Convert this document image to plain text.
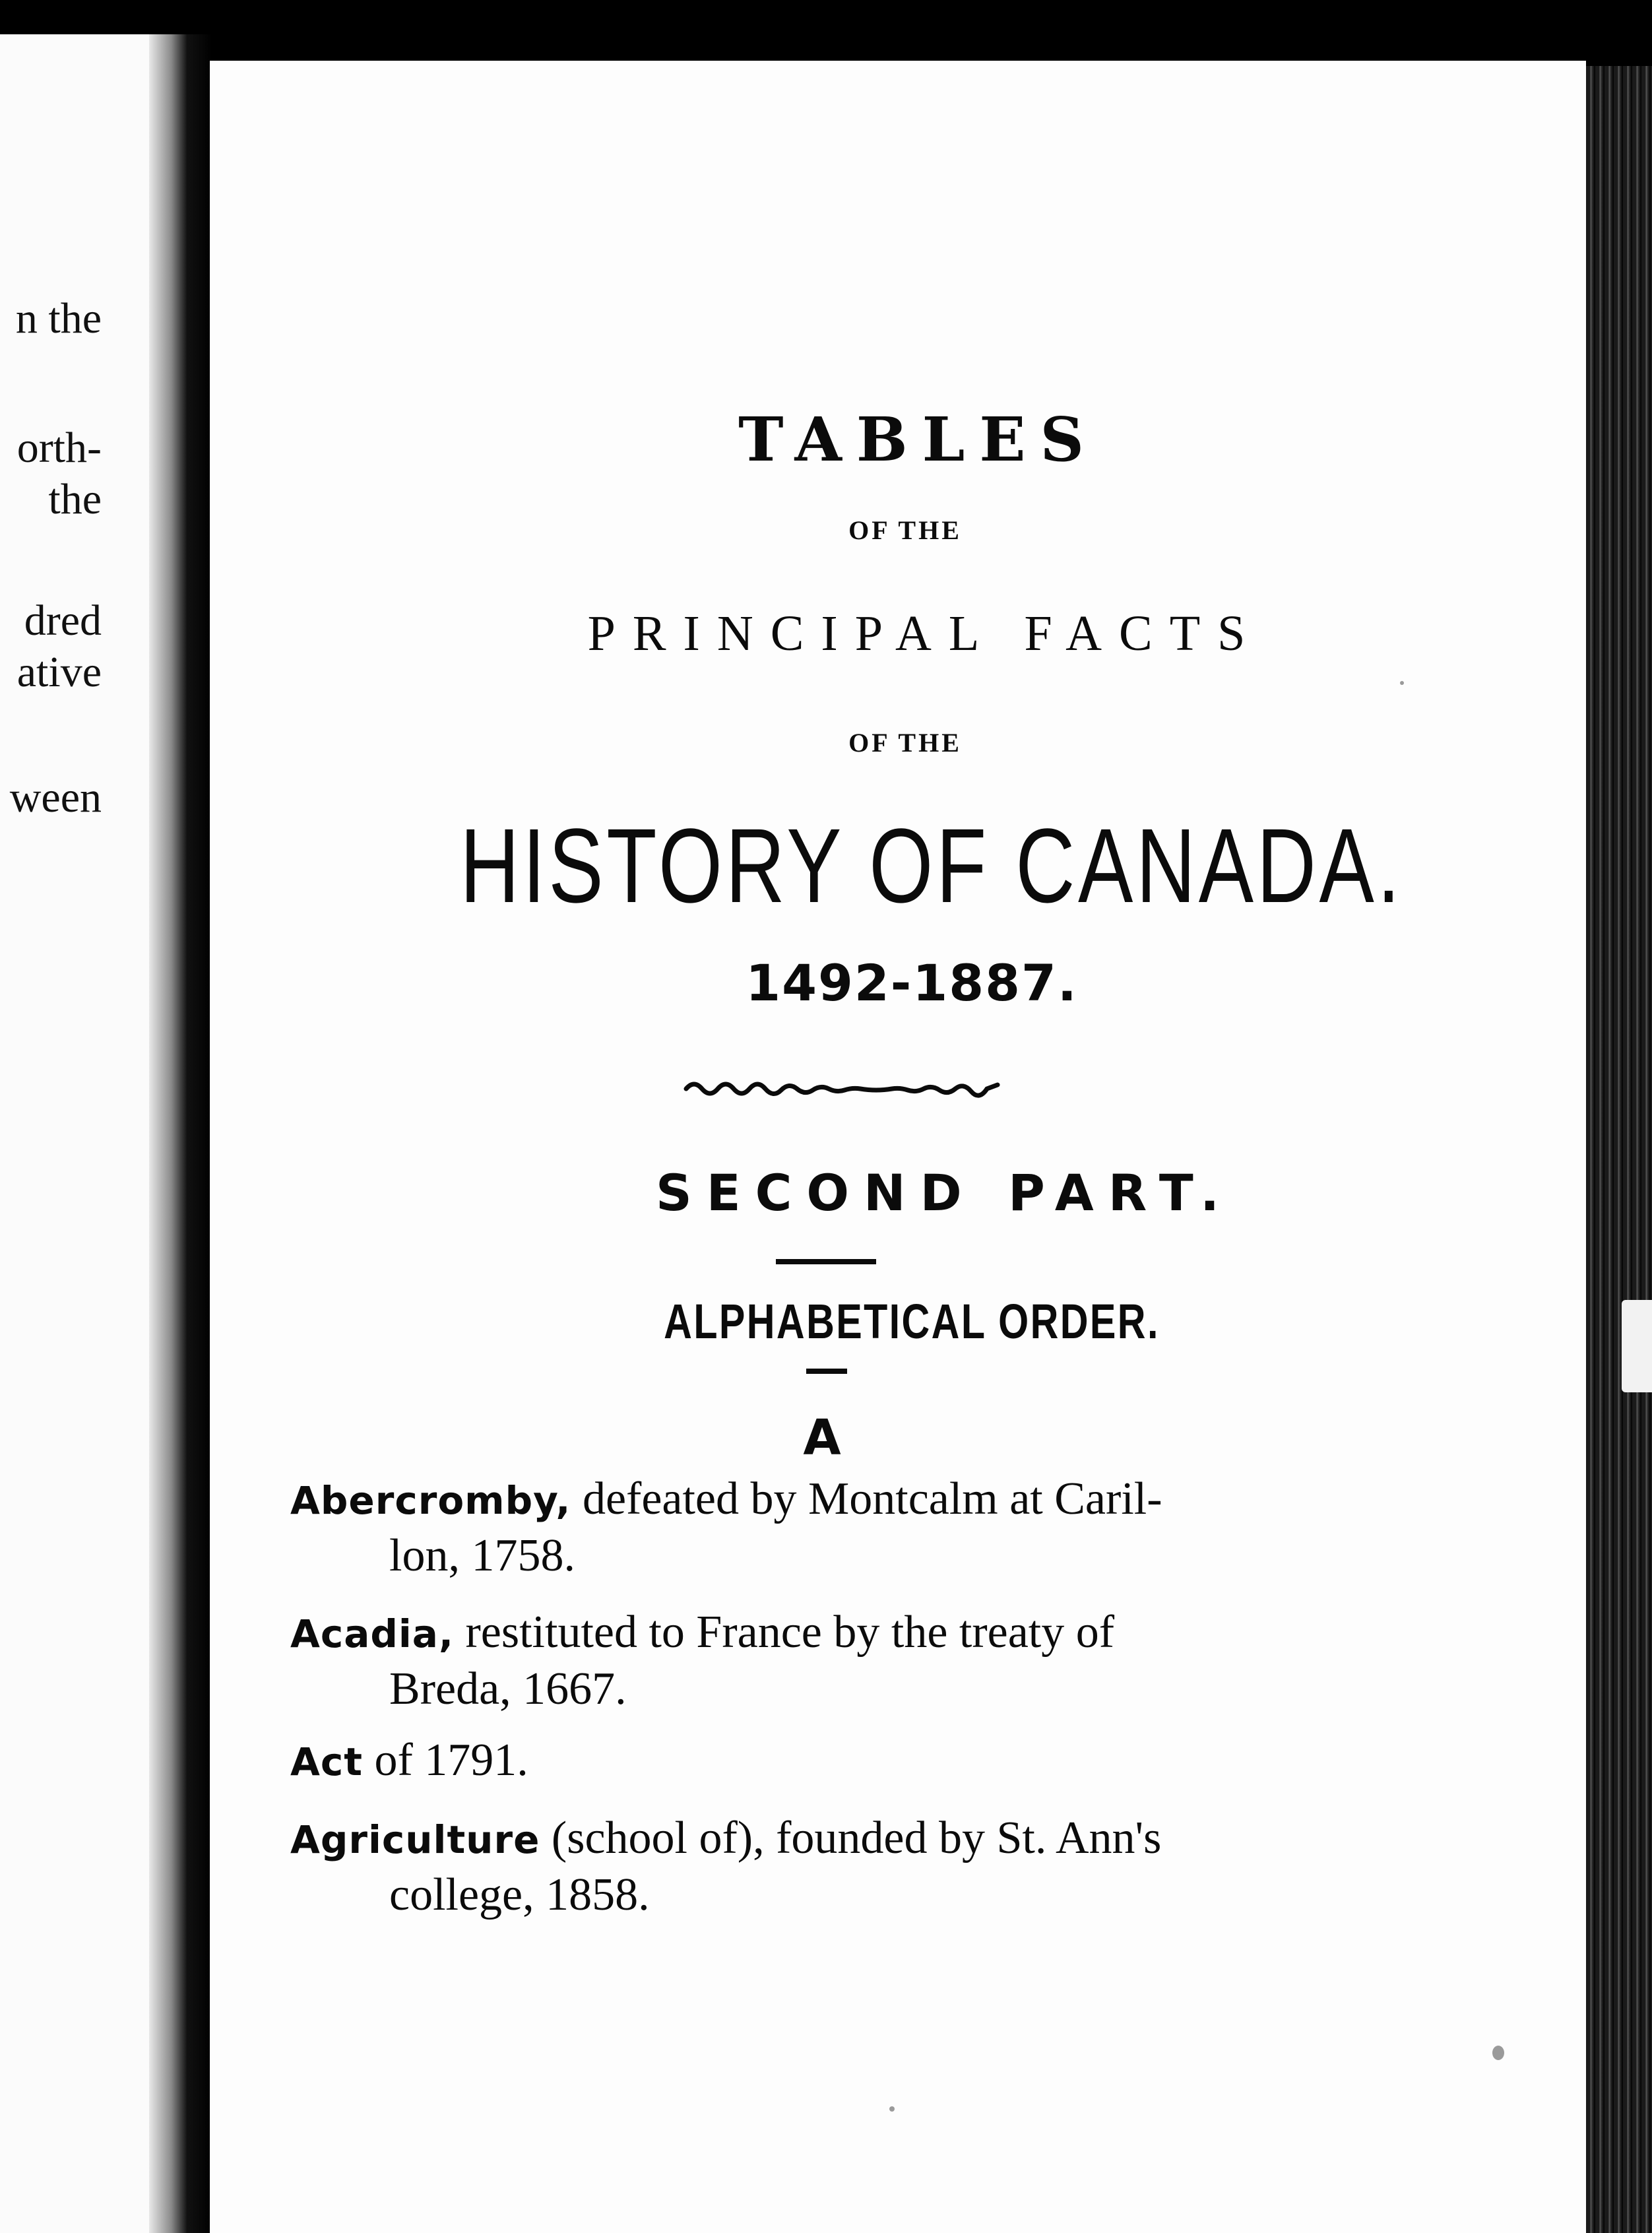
n the
orth-
the
dred
ative
ween
TABLES
OF THE
PRINCIPAL FACTS
OF THE
HISTORY OF CANADA.
1492-1887.
SECOND PART.
ALPHABETICAL ORDER.
A
Abercromby, defeated by Montcalm at Caril-
lon, 1758.
Acadia, restituted to France by the treaty of
Breda, 1667.
Act of 1791.
Agriculture (school of), founded by St. Ann's
college, 1858.
